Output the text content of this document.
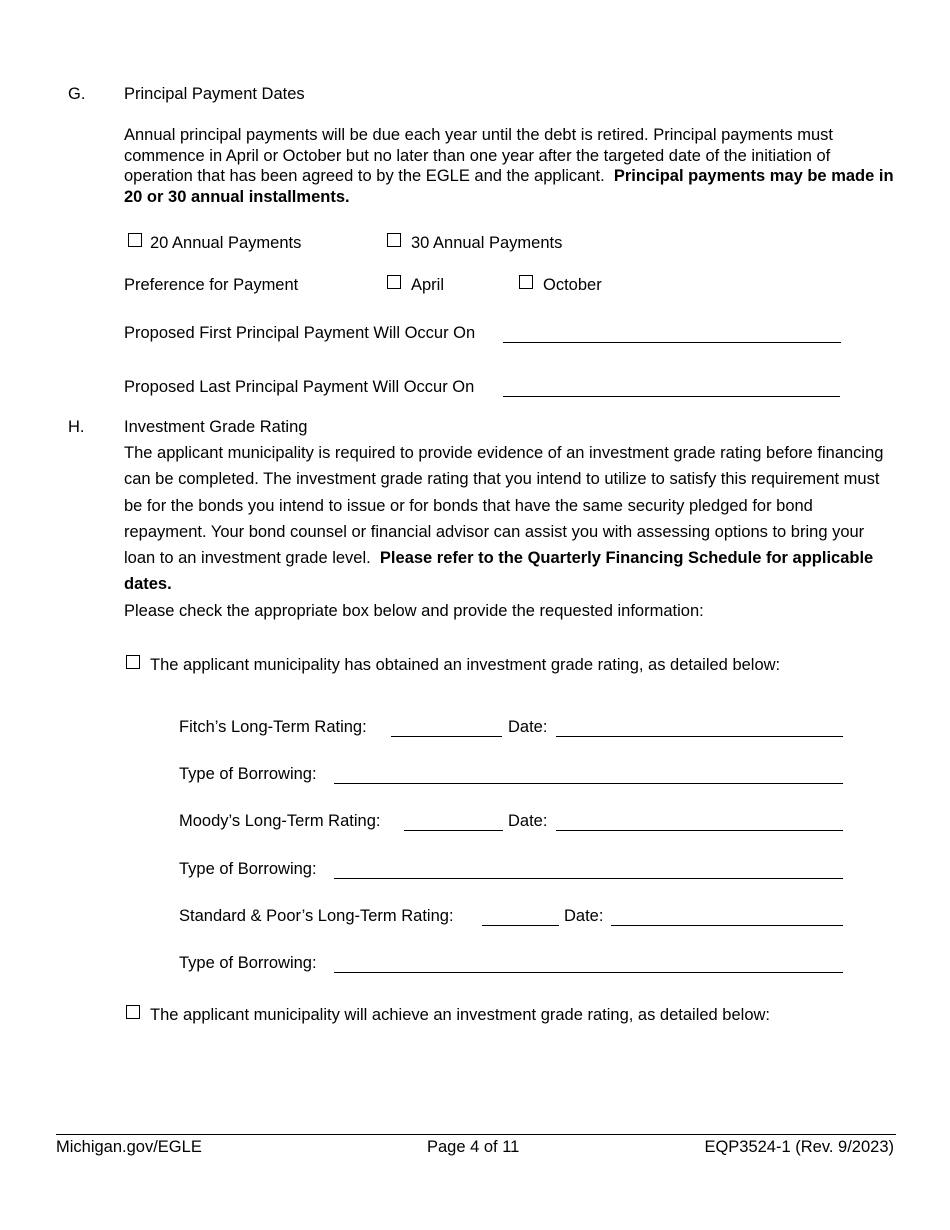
G. Principal Payment Dates
Annual principal payments will be due each year until the debt is retired. Principal payments must commence in April or October but no later than one year after the targeted date of the initiation of operation that has been agreed to by the EGLE and the applicant. Principal payments may be made in 20 or 30 annual installments.
20 Annual Payments	30 Annual Payments
Preference for Payment	April	October
Proposed First Principal Payment Will Occur On
Proposed Last Principal Payment Will Occur On
H. Investment Grade Rating
The applicant municipality is required to provide evidence of an investment grade rating before financing can be completed. The investment grade rating that you intend to utilize to satisfy this requirement must be for the bonds you intend to issue or for bonds that have the same security pledged for bond repayment. Your bond counsel or financial advisor can assist you with assessing options to bring your loan to an investment grade level. Please refer to the Quarterly Financing Schedule for applicable dates.
Please check the appropriate box below and provide the requested information:
The applicant municipality has obtained an investment grade rating, as detailed below:
Fitch’s Long-Term Rating:	Date:
Type of Borrowing:
Moody’s Long-Term Rating:	Date:
Type of Borrowing:
Standard & Poor’s Long-Term Rating:	Date:
Type of Borrowing:
The applicant municipality will achieve an investment grade rating, as detailed below:
Michigan.gov/EGLE	Page 4 of 11	EQP3524-1 (Rev. 9/2023)
